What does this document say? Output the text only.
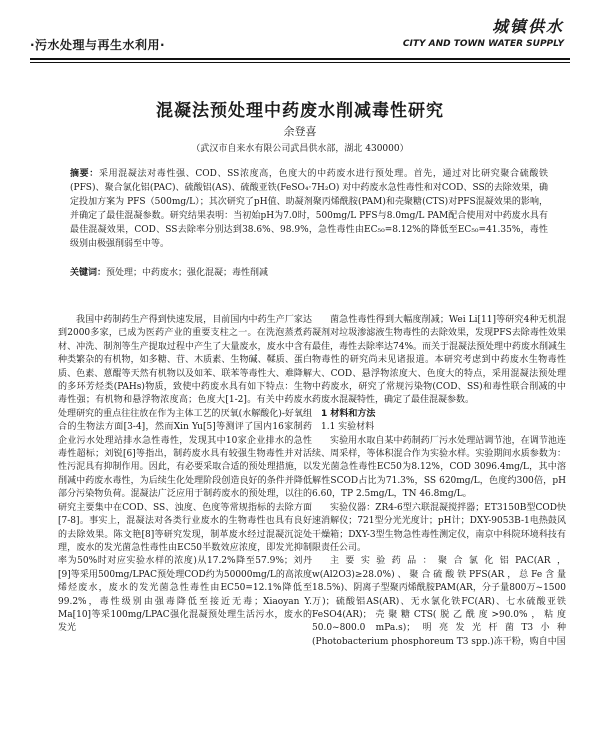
·污水处理与再生水利用·
城镇供水
CITY AND TOWN WATER SUPPLY
混凝法预处理中药废水削减毒性研究
余登喜
（武汉市自来水有限公司武昌供水部，湖北 430000）
摘要：采用混凝法对毒性强、COD、SS浓度高，色度大的中药废水进行预处理。首先，通过对比研究聚合硫酸铁(PFS)、聚合氯化铝(PAC)、硫酸铝(AS)、硫酸亚铁(FeSO₄·7H₂O) 对中药废水急性毒性和对COD、SS的去除效果，确定投加方案为 PFS（500mg/L）；其次研究了pH值、助凝剂聚丙烯酰胺(PAM)和壳聚糖(CTS)对PFS混凝效果的影响，并确定了最佳混凝参数。研究结果表明：当初始pH为7.0时，500mg/L PFS与8.0mg/L PAM配合使用对中药废水具有最佳混凝效果，COD、SS去除率分别达到38.6%、98.9%，急性毒性由EC₅₀=8.12%的降低至EC₅₀=41.35%，毒性级别由极强削弱至中等。
关键词：预处理；中药废水；强化混凝；毒性削减

我国中药制药生产得到快速发展，目前国内中药生产厂家达到2000多家，已成为医药产业的重要支柱之一。在洗泡蒸煮药材、冲洗、制剂等生产提取过程中产生了大量废水，废水中含有种类繁杂的有机物，如多糖、苷、木质素、生物碱、鞣质、蛋白质、色素、蒽醌等天然有机物以及如苯、联苯等毒性大、难降解的多环芳烃类(PAHs)物质，致使中药废水具有如下特点：生物毒性强；有机物和悬浮物浓度高；色度大[1-2]。有关中药废水处理研究的重点往往放在作为主体工艺的厌氧(水解酸化)-好氧组合的生物法方面[3-4]，然而Xin Yu[5]等测评了国内16家制药企业污水处理站排水急性毒性，发现其中10家企业排水的急性毒性超标；刘锐[6]等指出，制药废水具有较强生物毒性并对活性污泥具有抑制作用。因此，有必要采取合适的预处理措施，以削减中药废水毒性，为后续生化处理阶段创造良好的条件并降低部分污染物负荷。混凝法广泛应用于制药废水的预处理，以往的研究主要集中在COD、SS、浊度、色度等常规指标的去除方面[7-8]。事实上，混凝法对各类行业废水的生物毒性也具有良好的去除效果。陈文艳[8]等研究发现，制革废水经过混凝沉淀处理，废水的发光菌急性毒性由EC50半数效应浓度，即发光抑制率为50%时对应实验水样的浓度)从17.2%降至57.9%；刘丹[9]等采用500mg/LPAC预处理COD约为50000mg/L的高浓度烯烃废水，废水的发光菌急性毒性由EC50=12.1%降低至99.2%，毒性级别由强毒降低至接近无毒；Xiaoyan Y. Ma[10]等采100mg/LPAC强化混凝预处理生活污水，废水的发光

菌急性毒性得到大幅度削减；Wei Li[11]等研究4种无机混凝剂对垃圾渗滤液生物毒性的去除效果，发现PFS去除毒性效果最佳，毒性去除率达74%。而关于混凝法预处理中药废水削减生物毒性的研究尚未见诸报道。本研究考虑到中药废水生物毒性大、COD、悬浮物浓度大、色度大的特点，采用混凝法预处理中药废水，研究了常规污染物(COD、SS)和毒性联合削减的中药废水混凝特性，确定了最佳混凝参数。

1 材料和方法

1.1 实验材料

实验用水取自某中药制药厂污水处理站调节池，在调节池连续、周采样，等体积混合作为实验水样。实验期间水质参数为：发光菌急性毒性EC50为8.12%，COD 3096.4mg/L，其中溶解性SCOD占比为71.3%，SS 620mg/L，色度约300倍，pH 6.60，TP 2.5mg/L，TN 46.8mg/L。

实验仪器：ZR4-6型六联混凝搅拌器；ET3150B型COD快速消解仪；721型分光光度计；pH计；DXY-9053B-1电热鼓风干燥箱；DXY-3型生物急性毒性测定仪，南京中科院环境科技有限责任公司。

主要实验药品：聚合氯化铝PAC(AR，w(Al2O3)≥28.0%)、聚合硫酸铁PFS(AR，总Fe含量18.5%)、阴离子型聚丙烯酰胺PAM(AR，分子量800万~1500万)；硫酸铝AS(AR)、无水氯化铁FC(AR)、七水硫酸亚铁FeSO4(AR)；壳聚糖CTS(脱乙酰度>90.0%，粘度50.0~800.0 mPa.s)；明亮发光杆菌T3小种(Photobacterium phosphoreum T3 spp.)冻干粉，购自中国
